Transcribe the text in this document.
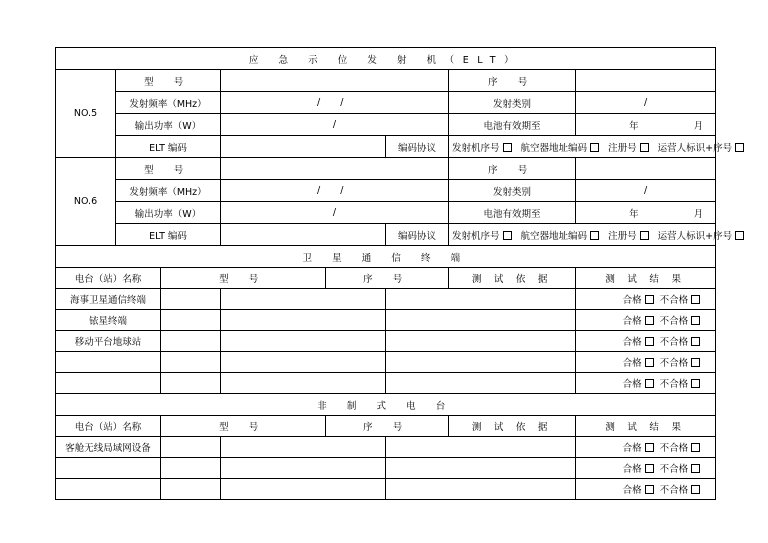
应 急 示 位 发 射 机（ELT）							
NO.5	型 号					序 号	
	发射频率（MHz）		/ /			发射类别	/
	输出功率（W）		/			电池有效期至	年 月
	ELT 编码				编码协议	发射机序号 航空器地址编码 注册号 运营人标识+序号	
NO.6	型 号					序 号	
	发射频率（MHz）		/ /			发射类别	/
	输出功率（W）		/			电池有效期至	年 月
	ELT 编码				编码协议	发射机序号 航空器地址编码 注册号 运营人标识+序号	
卫 星 通 信 终 端							
电台（站）名称		型 号		序 号		测 试 依 据	测 试 结 果
海事卫星通信终端							合格 不合格
铱星终端							合格 不合格
移动平台地球站							合格 不合格
							合格 不合格
							合格 不合格
非 制 式 电 台							
电台（站）名称		型 号		序 号		测 试 依 据	测 试 结 果
客舱无线局域网设备							合格 不合格
							合格 不合格
							合格 不合格
